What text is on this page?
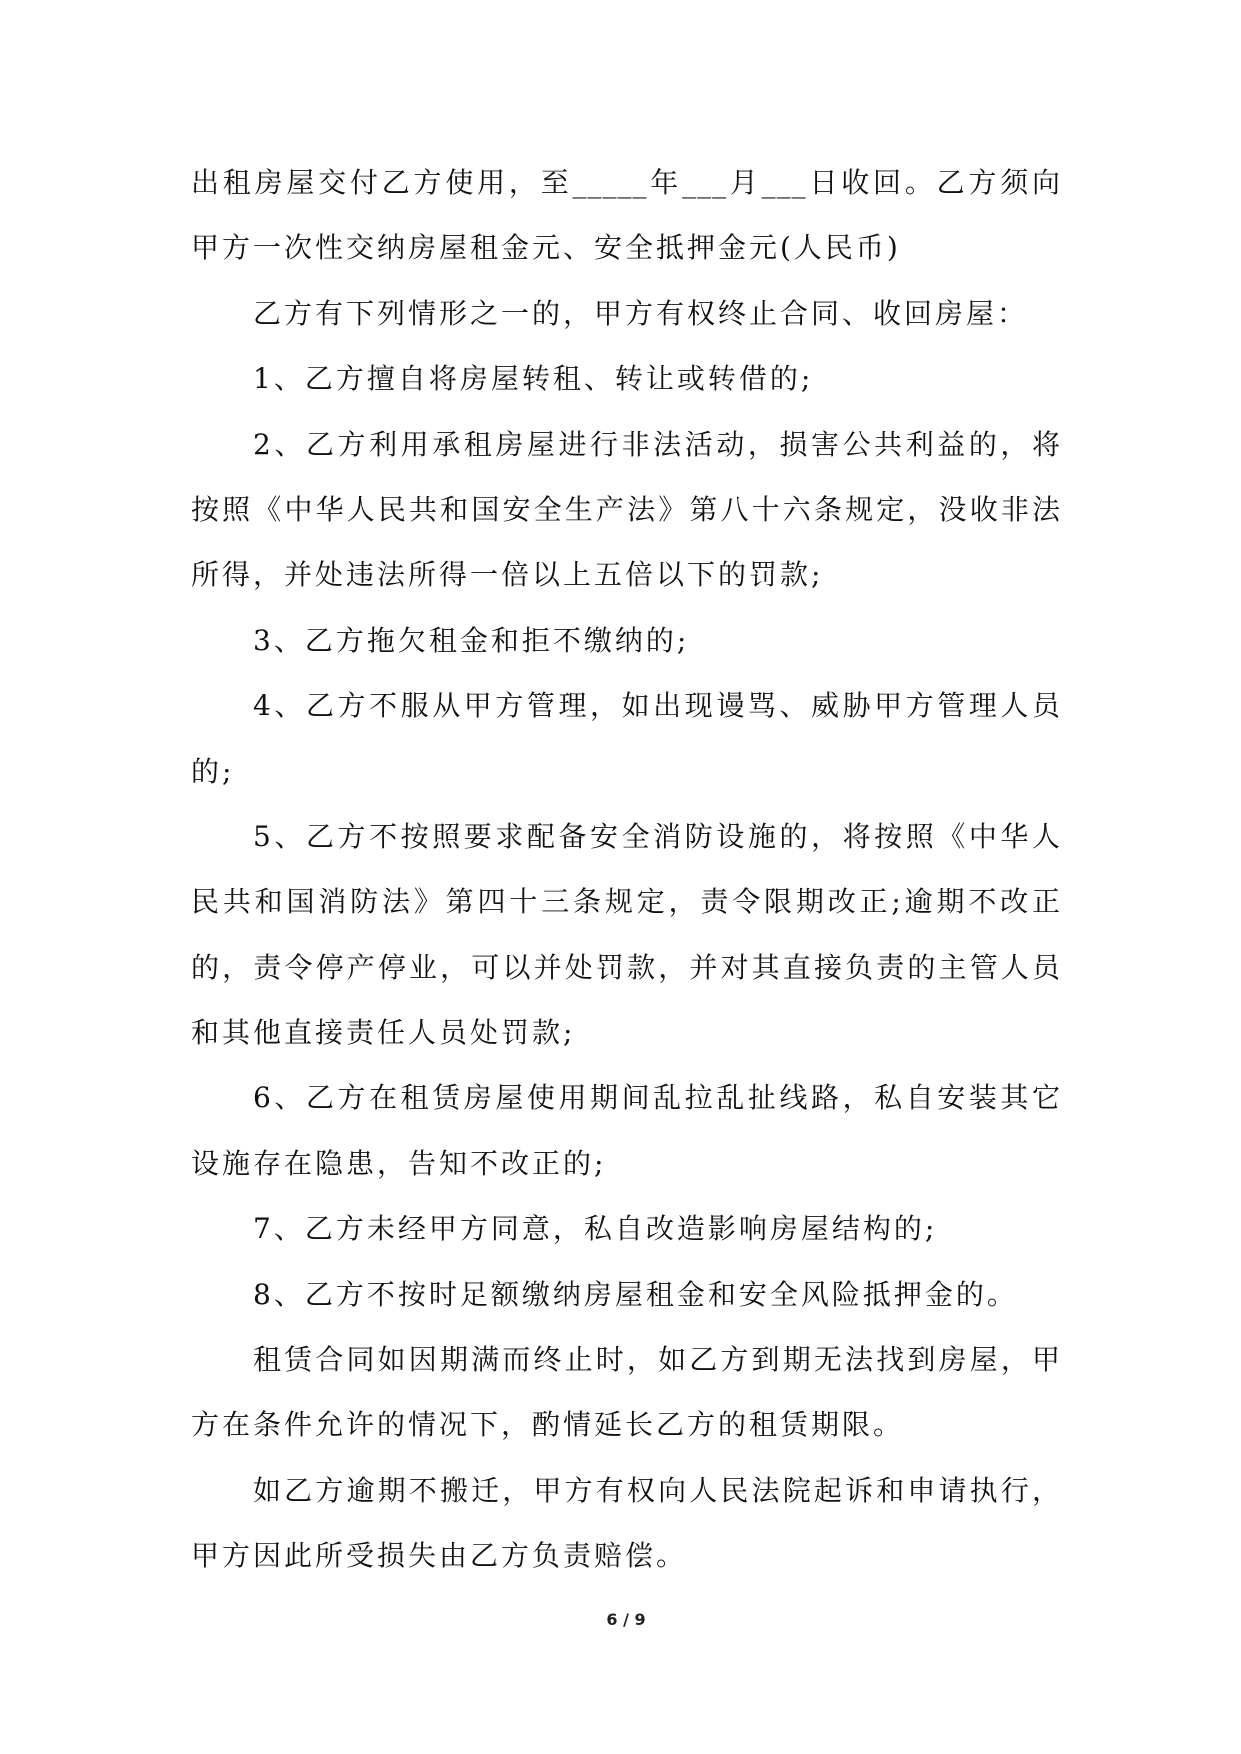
出租房屋交付乙方使用，至_____年___月___日收回。乙方须向
甲方一次性交纳房屋租金元、安全抵押金元(人民币)
乙方有下列情形之一的，甲方有权终止合同、收回房屋：
1、乙方擅自将房屋转租、转让或转借的;
2、乙方利用承租房屋进行非法活动，损害公共利益的，将
按照《中华人民共和国安全生产法》第八十六条规定，没收非法
所得，并处违法所得一倍以上五倍以下的罚款;
3、乙方拖欠租金和拒不缴纳的;
4、乙方不服从甲方管理，如出现谩骂、威胁甲方管理人员
的;
5、乙方不按照要求配备安全消防设施的，将按照《中华人
民共和国消防法》第四十三条规定，责令限期改正;逾期不改正
的，责令停产停业，可以并处罚款，并对其直接负责的主管人员
和其他直接责任人员处罚款;
6、乙方在租赁房屋使用期间乱拉乱扯线路，私自安装其它
设施存在隐患，告知不改正的;
7、乙方未经甲方同意，私自改造影响房屋结构的;
8、乙方不按时足额缴纳房屋租金和安全风险抵押金的。
租赁合同如因期满而终止时，如乙方到期无法找到房屋，甲
方在条件允许的情况下，酌情延长乙方的租赁期限。
如乙方逾期不搬迁，甲方有权向人民法院起诉和申请执行，
甲方因此所受损失由乙方负责赔偿。
6 / 9
